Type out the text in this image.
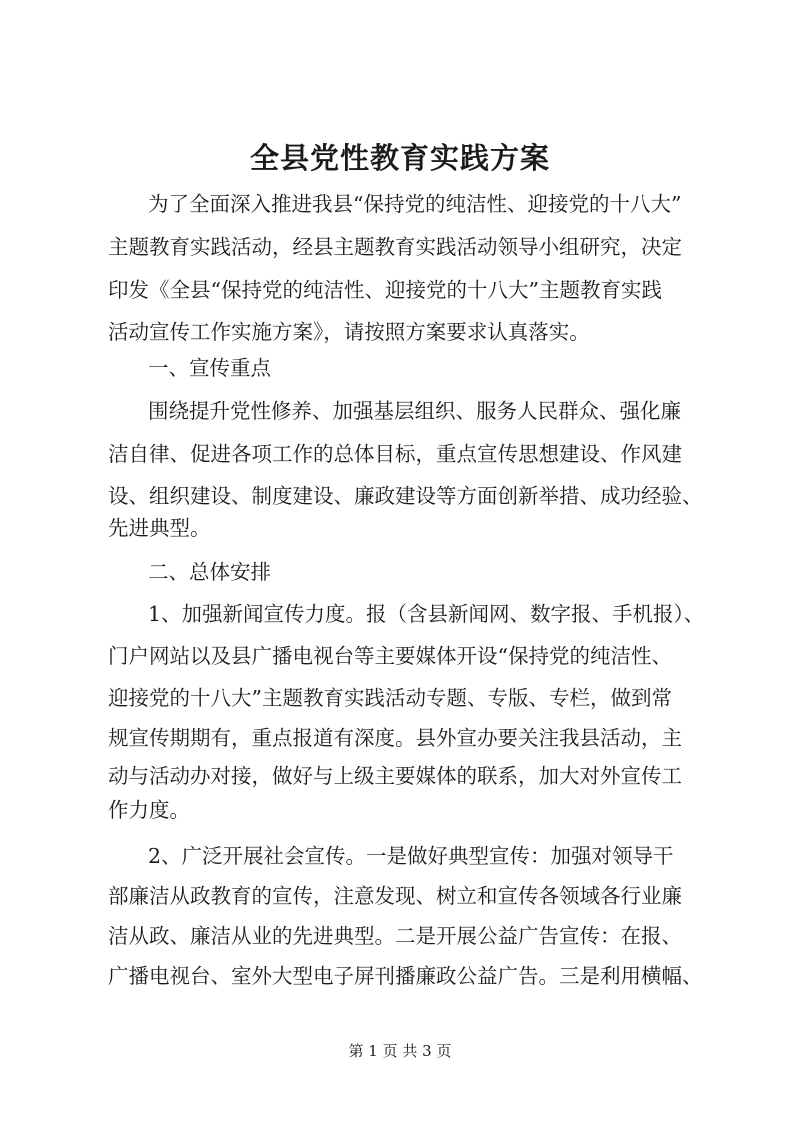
全县党性教育实践方案
为了全面深入推进我县“保持党的纯洁性、迎接党的十八大”
主题教育实践活动，经县主题教育实践活动领导小组研究，决定
印发《全县“保持党的纯洁性、迎接党的十八大”主题教育实践
活动宣传工作实施方案》，请按照方案要求认真落实。
一、宣传重点
围绕提升党性修养、加强基层组织、服务人民群众、强化廉
洁自律、促进各项工作的总体目标，重点宣传思想建设、作风建
设、组织建设、制度建设、廉政建设等方面创新举措、成功经验、
先进典型。
二、总体安排
1、加强新闻宣传力度。报（含县新闻网、数字报、手机报）、
门户网站以及县广播电视台等主要媒体开设“保持党的纯洁性、
迎接党的十八大”主题教育实践活动专题、专版、专栏，做到常
规宣传期期有，重点报道有深度。县外宣办要关注我县活动，主
动与活动办对接，做好与上级主要媒体的联系，加大对外宣传工
作力度。
2、广泛开展社会宣传。一是做好典型宣传：加强对领导干
部廉洁从政教育的宣传，注意发现、树立和宣传各领域各行业廉
洁从政、廉洁从业的先进典型。二是开展公益广告宣传：在报、
广播电视台、室外大型电子屏刊播廉政公益广告。三是利用横幅、
第 1 页 共 3 页
